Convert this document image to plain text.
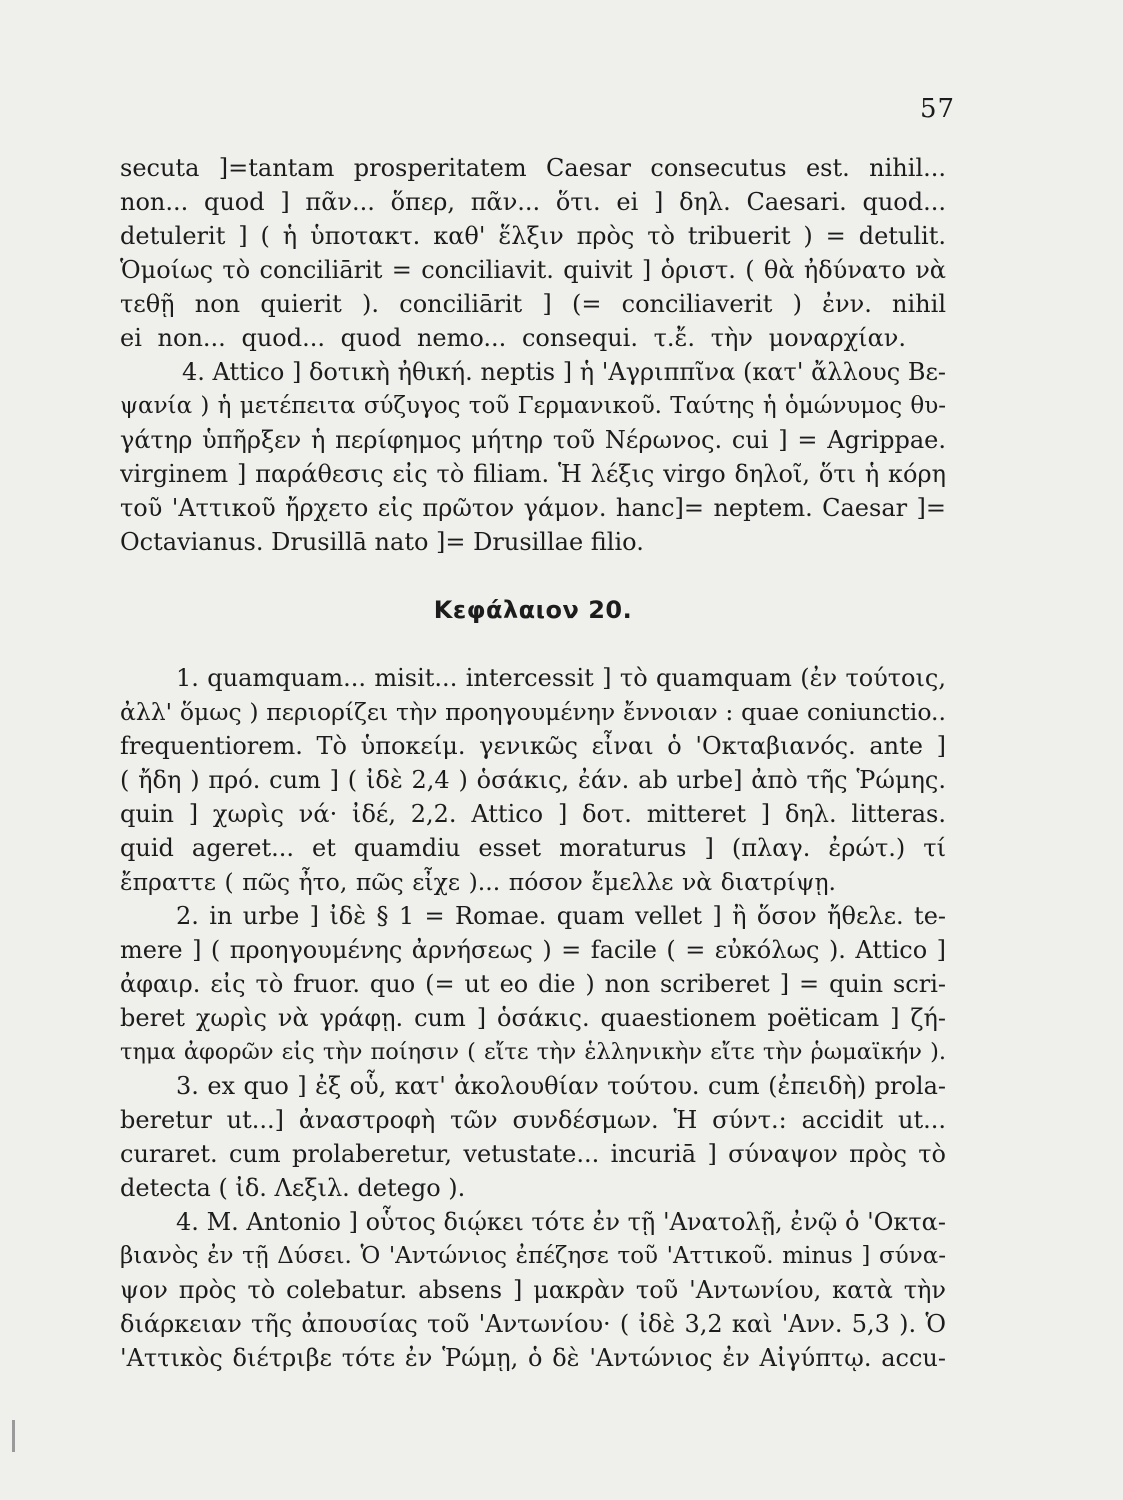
57
secuta ]=tantam prosperitatem Caesar consecutus est. nihil...
non... quod ] πᾶν... ὅπερ, πᾶν... ὅτι. ei ] δηλ. Caesari. quod...
detulerit ] ( ἡ ὑποτακτ. καθ' ἕλξιν πρὸς τὸ tribuerit ) = detulit.
Ὁμοίως τὸ conciliārit = conciliavit. quivit ] ὁριστ. ( θὰ ἠδύνατο νὰ
τεθῇ non quierit ). conciliārit ] (= conciliaverit ) ἐνν. nihil
ei non... quod... quod nemo... consequi. τ.ἔ. τὴν μοναρχίαν.
4. Attico ] δοτικὴ ἠθική. neptis ] ἡ 'Αγριππῖνα (κατ' ἄλλους Βε-
ψανία ) ἡ μετέπειτα σύζυγος τοῦ Γερμανικοῦ. Ταύτης ἡ ὁμώνυμος θυ-
γάτηρ ὑπῆρξεν ἡ περίφημος μήτηρ τοῦ Νέρωνος. cui ] = Agrippae.
virginem ] παράθεσις εἰς τὸ filiam. Ἡ λέξις virgo δηλοῖ, ὅτι ἡ κόρη
τοῦ 'Αττικοῦ ἤρχετο εἰς πρῶτον γάμον. hanc]= neptem. Caesar ]=
Octavianus. Drusillā nato ]= Drusillae filio.
Κεφάλαιον 20.
1. quamquam... misit... intercessit ] τὸ quamquam (ἐν τούτοις,
ἀλλ' ὅμως ) περιορίζει τὴν προηγουμένην ἔννοιαν : quae coniunctio..
frequentiorem. Τὸ ὑποκείμ. γενικῶς εἶναι ὁ 'Οκταβιανός. ante ]
( ἤδη ) πρό. cum ] ( ἰδὲ 2,4 ) ὁσάκις, ἐάν. ab urbe] ἀπὸ τῆς Ῥώμης.
quin ] χωρὶς νά· ἰδέ, 2,2. Attico ] δοτ. mitteret ] δηλ. litteras.
quid ageret... et quamdiu esset moraturus ] (πλαγ. ἐρώτ.) τί
ἔπραττε ( πῶς ἦτο, πῶς εἶχε )... πόσον ἔμελλε νὰ διατρίψῃ.
2. in urbe ] ἰδὲ § 1 = Romae. quam vellet ] ἢ ὅσον ἤθελε. te-
mere ] ( προηγουμένης ἀρνήσεως ) = facile ( = εὐκόλως ). Attico ]
ἀφαιρ. εἰς τὸ fruor. quo (= ut eo die ) non scriberet ] = quin scri-
beret χωρὶς νὰ γράφῃ. cum ] ὁσάκις. quaestionem poëticam ] ζή-
τημα ἀφορῶν εἰς τὴν ποίησιν ( εἴτε τὴν ἑλληνικὴν εἴτε τὴν ῥωμαϊκήν ).
3. ex quo ] ἐξ οὗ, κατ' ἀκολουθίαν τούτου. cum (ἐπειδὴ) prola-
beretur ut...] ἀναστροφὴ τῶν συνδέσμων. Ἡ σύντ.: accidit ut...
curaret. cum prolaberetur, vetustate... incuriā ] σύναψον πρὸς τὸ
detecta ( ἰδ. Λεξιλ. detego ).
4. M. Antonio ] οὗτος διῴκει τότε ἐν τῇ 'Ανατολῇ, ἐνῷ ὁ 'Οκτα-
βιανὸς ἐν τῇ Δύσει. Ὁ 'Αντώνιος ἐπέζησε τοῦ 'Αττικοῦ. minus ] σύνα-
ψον πρὸς τὸ colebatur. absens ] μακρὰν τοῦ 'Αντωνίου, κατὰ τὴν
διάρκειαν τῆς ἀπουσίας τοῦ 'Αντωνίου· ( ἰδὲ 3,2 καὶ 'Ανν. 5,3 ). Ὁ
'Αττικὸς διέτριβε τότε ἐν Ῥώμῃ, ὁ δὲ 'Αντώνιος ἐν Αἰγύπτῳ. accu-
